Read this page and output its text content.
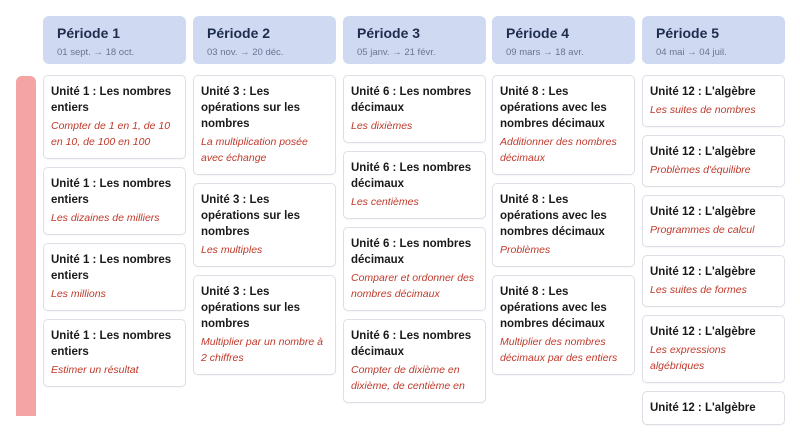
Période 1
01 sept. → 18 oct.
Unité 1 : Les nombres entiers
Compter de 1 en 1, de 10 en 10, de 100 en 100
Unité 1 : Les nombres entiers
Les dizaines de milliers
Unité 1 : Les nombres entiers
Les millions
Unité 1 : Les nombres entiers
Estimer un résultat
Période 2
03 nov. → 20 déc.
Unité 3 : Les opérations sur les nombres
La multiplication posée avec échange
Unité 3 : Les opérations sur les nombres
Les multiples
Unité 3 : Les opérations sur les nombres
Multiplier par un nombre à 2 chiffres
Période 3
05 janv. → 21 févr.
Unité 6 : Les nombres décimaux
Les dixièmes
Unité 6 : Les nombres décimaux
Les centièmes
Unité 6 : Les nombres décimaux
Comparer et ordonner des nombres décimaux
Unité 6 : Les nombres décimaux
Compter de dixième en dixième, de centième en
Période 4
09 mars → 18 avr.
Unité 8 : Les opérations avec les nombres décimaux
Additionner des nombres décimaux
Unité 8 : Les opérations avec les nombres décimaux
Problèmes
Unité 8 : Les opérations avec les nombres décimaux
Multiplier des nombres décimaux par des entiers
Période 5
04 mai → 04 juil.
Unité 12 : L'algèbre
Les suites de nombres
Unité 12 : L'algèbre
Problèmes d'équilibre
Unité 12 : L'algèbre
Programmes de calcul
Unité 12 : L'algèbre
Les suites de formes
Unité 12 : L'algèbre
Les expressions algébriques
Unité 12 : L'algèbre
